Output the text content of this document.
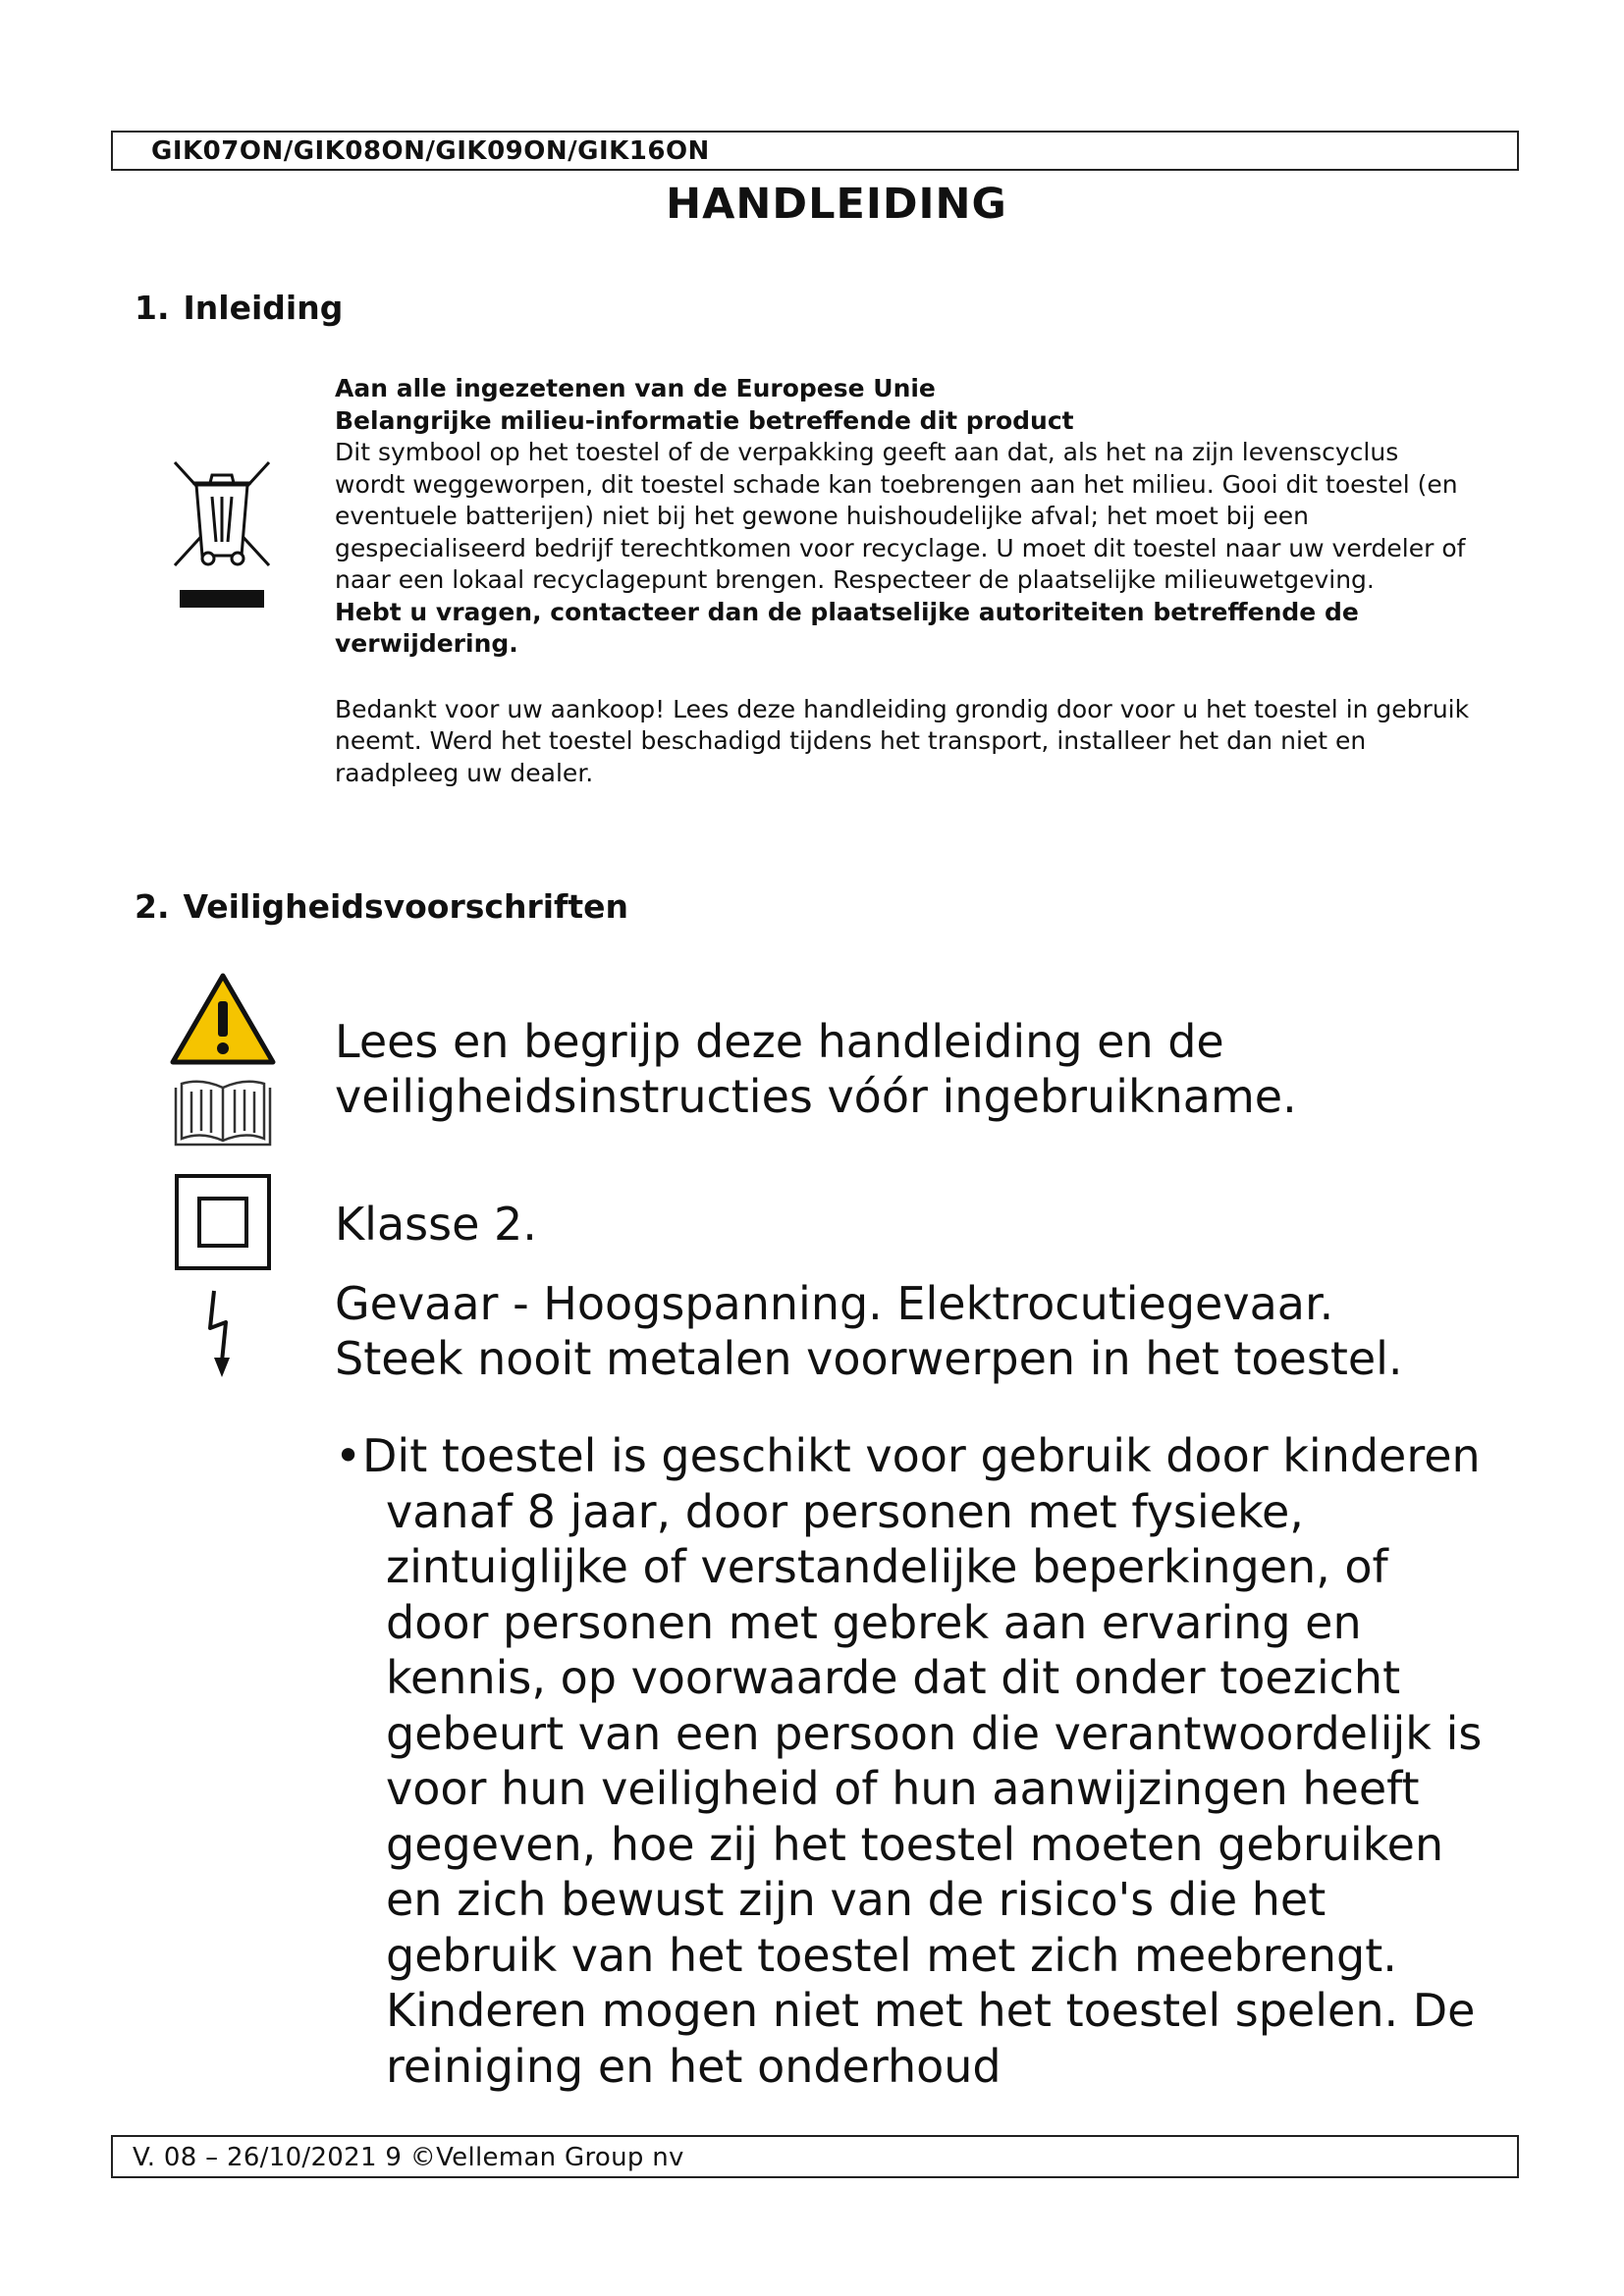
GIK07ON/GIK08ON/GIK09ON/GIK16ON
HANDLEIDING
1. Inleiding

Aan alle ingezetenen van de Europese Unie

Belangrijke milieu-informatie betreffende dit product

Dit symbool op het toestel of de verpakking geeft aan dat, als het na zijn levenscyclus wordt weggeworpen, dit toestel schade kan toebrengen aan het milieu. Gooi dit toestel (en eventuele batterijen) niet bij het gewone huishoudelijke afval; het moet bij een gespecialiseerd bedrijf terechtkomen voor recyclage. U moet dit toestel naar uw verdeler of naar een lokaal recyclagepunt brengen. Respecteer de plaatselijke milieuwetgeving.

Hebt u vragen, contacteer dan de plaatselijke autoriteiten betreffende de verwijdering.

Bedankt voor uw aankoop! Lees deze handleiding grondig door voor u het toestel in gebruik neemt. Werd het toestel beschadigd tijdens het transport, installeer het dan niet en raadpleeg uw dealer.

2. Veiligheidsvoorschriften
Lees en begrijp deze handleiding en de veiligheidsinstructies vóór ingebruikname.
Klasse 2.
Gevaar - Hoogspanning. Elektrocutiegevaar.
Steek nooit metalen voorwerpen in het toestel.
•Dit toestel is geschikt voor gebruik door kinderen vanaf 8 jaar, door personen met fysieke, zintuiglijke of verstandelijke beperkingen, of door personen met gebrek aan ervaring en kennis, op voorwaarde dat dit onder toezicht gebeurt van een persoon die verantwoordelijk is voor hun veiligheid of hun aanwijzingen heeft gegeven, hoe zij het toestel moeten gebruiken en zich bewust zijn van de risico's die het gebruik van het toestel met zich meebrengt. Kinderen mogen niet met het toestel spelen. De reiniging en het onderhoud
V. 08 – 26/10/2021 9 ©Velleman Group nv
